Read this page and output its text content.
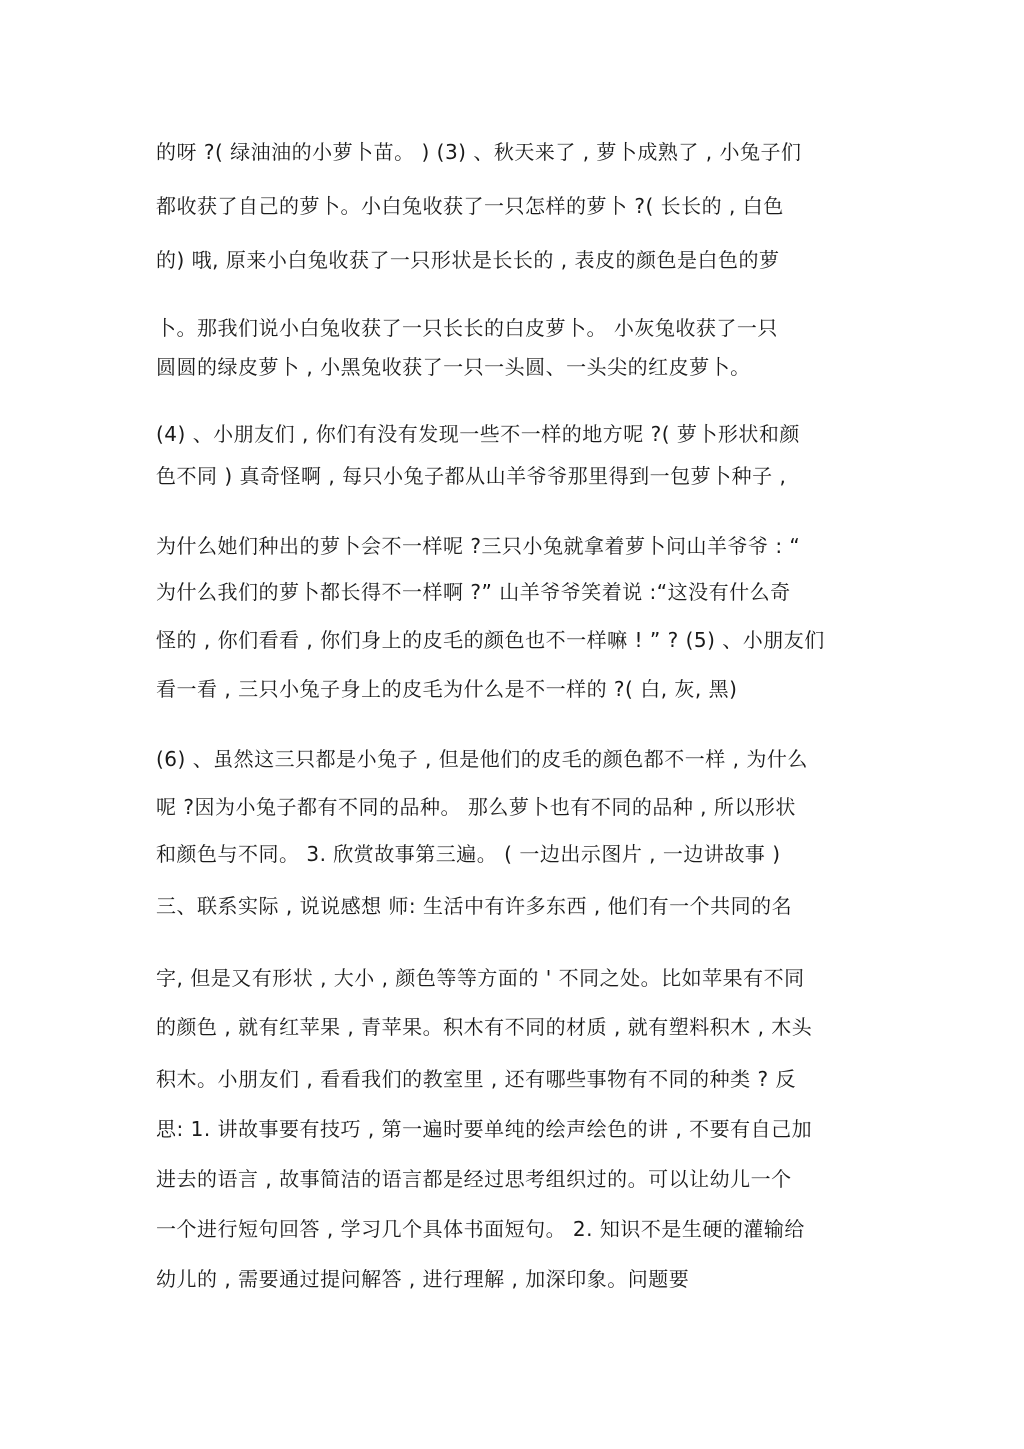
的呀 ?( 绿油油的小萝卜苗。 ) (3) 、秋天来了 , 萝卜成熟了 , 小兔子们
都收获了自己的萝卜。小白兔收获了一只怎样的萝卜 ?( 长长的 , 白色
的) 哦, 原来小白兔收获了一只形状是长长的 , 表皮的颜色是白色的萝
卜。那我们说小白兔收获了一只长长的白皮萝卜。 小灰兔收获了一只
圆圆的绿皮萝卜 , 小黑兔收获了一只一头圆、一头尖的红皮萝卜。
(4) 、小朋友们 , 你们有没有发现一些不一样的地方呢 ?( 萝卜形状和颜
色不同 ) 真奇怪啊 , 每只小兔子都从山羊爷爷那里得到一包萝卜种子 ,
为什么她们种出的萝卜会不一样呢 ?三只小兔就拿着萝卜问山羊爷爷 : “
为什么我们的萝卜都长得不一样啊 ?” 山羊爷爷笑着说 :“这没有什么奇
怪的 , 你们看看 , 你们身上的皮毛的颜色也不一样嘛 ! ” ? (5) 、小朋友们
看一看 , 三只小兔子身上的皮毛为什么是不一样的 ?( 白, 灰, 黑)
(6) 、虽然这三只都是小兔子 , 但是他们的皮毛的颜色都不一样 , 为什么
呢 ?因为小兔子都有不同的品种。 那么萝卜也有不同的品种 , 所以形状
和颜色与不同。 3. 欣赏故事第三遍。 ( 一边出示图片 , 一边讲故事 )
三、联系实际 , 说说感想 师: 生活中有许多东西 , 他们有一个共同的名
字, 但是又有形状 , 大小 , 颜色等等方面的 ' 不同之处。比如苹果有不同
的颜色 , 就有红苹果 , 青苹果。积木有不同的材质 , 就有塑料积木 , 木头
积木。小朋友们 , 看看我们的教室里 , 还有哪些事物有不同的种类 ? 反
思: 1. 讲故事要有技巧 , 第一遍时要单纯的绘声绘色的讲 , 不要有自己加
进去的语言 , 故事简洁的语言都是经过思考组织过的。可以让幼儿一个
一个进行短句回答 , 学习几个具体书面短句。 2. 知识不是生硬的灌输给
幼儿的 , 需要通过提问解答 , 进行理解 , 加深印象。问题要
